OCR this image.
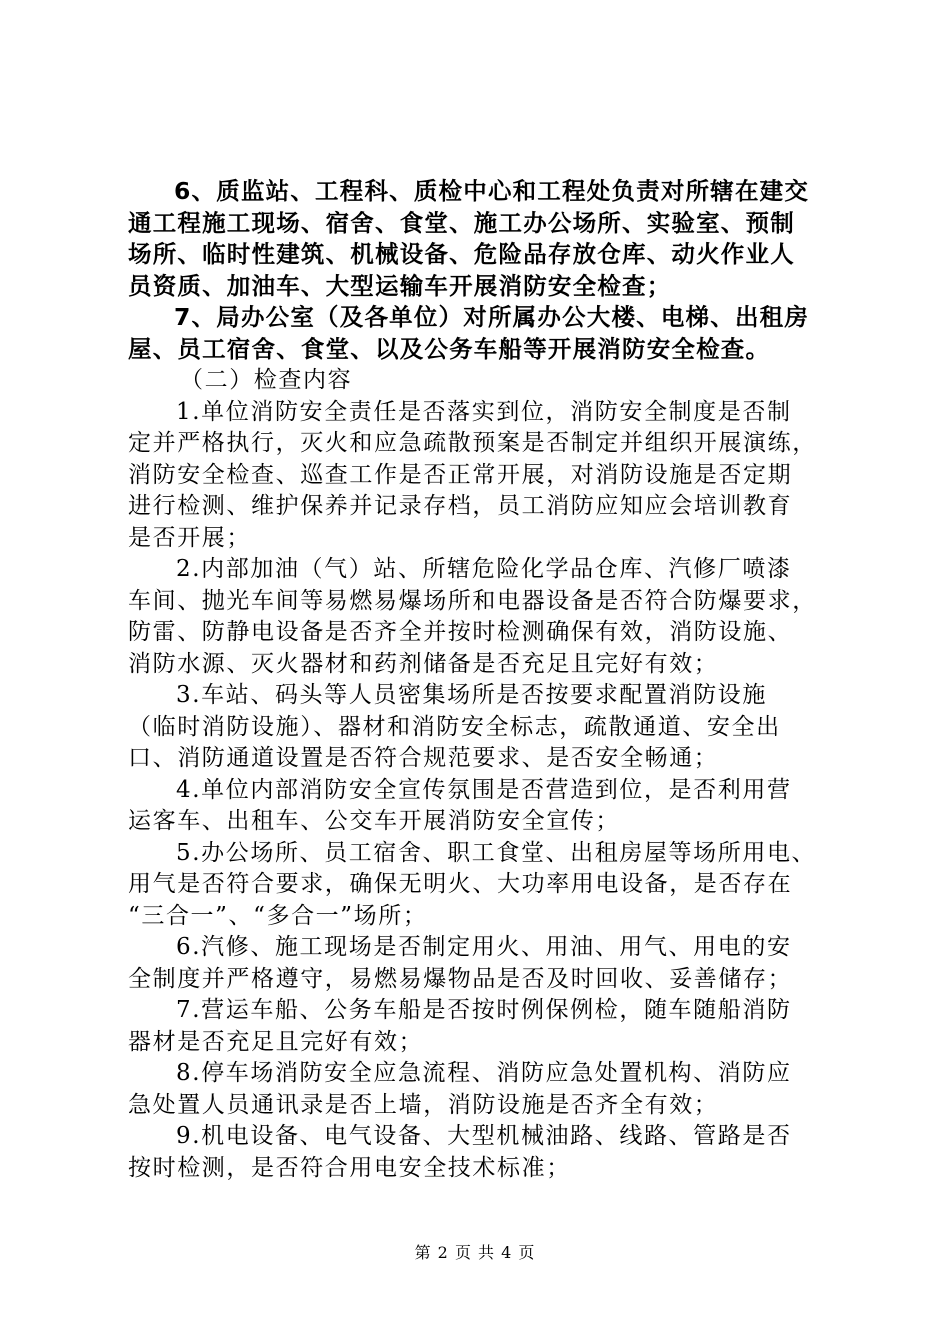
6、质监站、工程科、质检中心和工程处负责对所辖在建交
通工程施工现场、宿舍、食堂、施工办公场所、实验室、预制
场所、临时性建筑、机械设备、危险品存放仓库、动火作业人
员资质、加油车、大型运输车开展消防安全检查；
7、局办公室（及各单位）对所属办公大楼、电梯、出租房
屋、员工宿舍、食堂、以及公务车船等开展消防安全检查。
（二）检查内容
1.单位消防安全责任是否落实到位，消防安全制度是否制
定并严格执行，灭火和应急疏散预案是否制定并组织开展演练，
消防安全检查、巡查工作是否正常开展，对消防设施是否定期
进行检测、维护保养并记录存档，员工消防应知应会培训教育
是否开展；
2.内部加油（气）站、所辖危险化学品仓库、汽修厂喷漆
车间、抛光车间等易燃易爆场所和电器设备是否符合防爆要求，
防雷、防静电设备是否齐全并按时检测确保有效，消防设施、
消防水源、灭火器材和药剂储备是否充足且完好有效；
3.车站、码头等人员密集场所是否按要求配置消防设施
（临时消防设施）、器材和消防安全标志，疏散通道、安全出
口、消防通道设置是否符合规范要求、是否安全畅通；
4.单位内部消防安全宣传氛围是否营造到位，是否利用营
运客车、出租车、公交车开展消防安全宣传；
5.办公场所、员工宿舍、职工食堂、出租房屋等场所用电、
用气是否符合要求，确保无明火、大功率用电设备，是否存在
“三合一”、“多合一”场所；
6.汽修、施工现场是否制定用火、用油、用气、用电的安
全制度并严格遵守，易燃易爆物品是否及时回收、妥善储存；
7.营运车船、公务车船是否按时例保例检，随车随船消防
器材是否充足且完好有效；
8.停车场消防安全应急流程、消防应急处置机构、消防应
急处置人员通讯录是否上墙，消防设施是否齐全有效；
9.机电设备、电气设备、大型机械油路、线路、管路是否
按时检测，是否符合用电安全技术标准；
第 2 页 共 4 页
